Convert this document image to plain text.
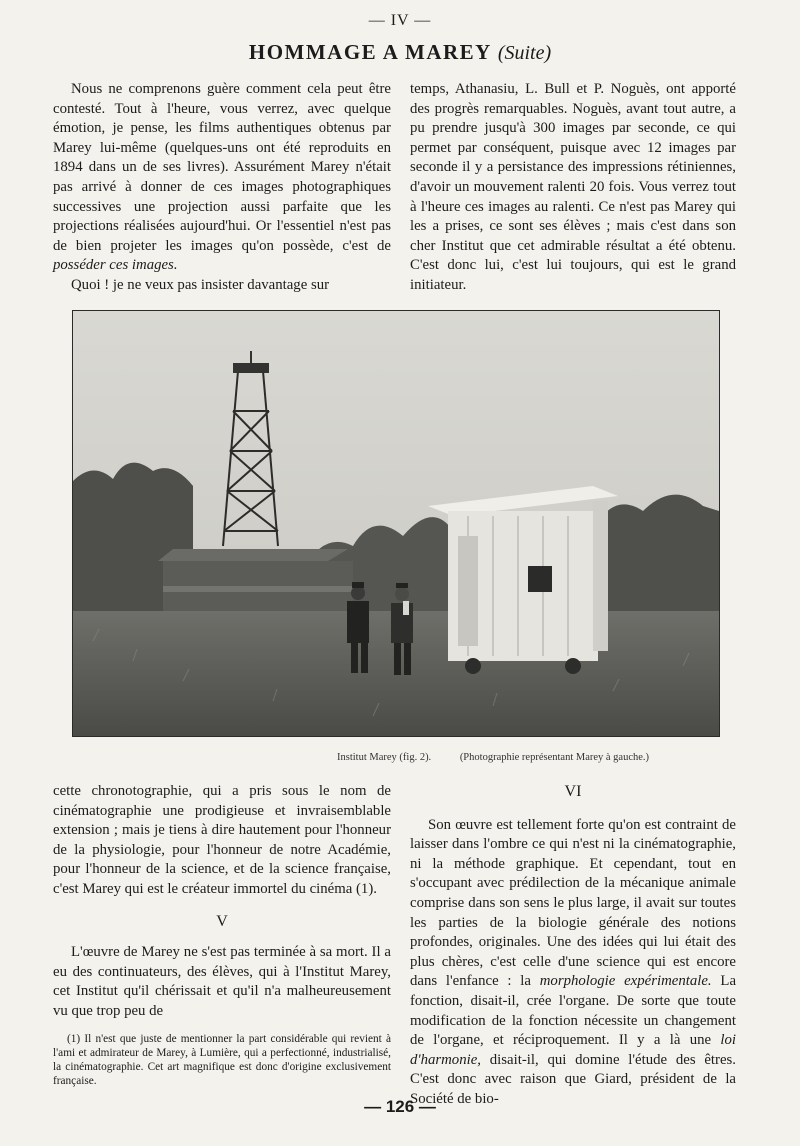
— IV —
HOMMAGE A MAREY (Suite)

Nous ne comprenons guère comment cela peut être contesté. Tout à l'heure, vous verrez, avec quelque émotion, je pense, les films authentiques obtenus par Marey lui-même (quelques-uns ont été reproduits en 1894 dans un de ses livres). Assurément Marey n'était pas arrivé à donner de ces images photographiques successives une projection aussi parfaite que les projections réalisées aujourd'hui. Or l'essentiel n'est pas de bien projeter les images qu'on possède, c'est de posséder ces images.

Quoi ! je ne veux pas insister davantage sur

temps, Athanasiu, L. Bull et P. Noguès, ont apporté des progrès remarquables. Noguès, avant tout autre, a pu prendre jusqu'à 300 images par seconde, ce qui permet par conséquent, puisque avec 12 images par seconde il y a persistance des impressions rétiniennes, d'avoir un mouvement ralenti 20 fois. Vous verrez tout à l'heure ces images au ralenti. Ce n'est pas Marey qui les a prises, ce sont ses élèves ; mais c'est dans son cher Institut que cet admirable résultat a été obtenu. C'est donc lui, c'est lui toujours, qui est le grand initiateur.

Institut Marey (fig. 2).	(Photographie représentant Marey à gauche.)

cette chronotographie, qui a pris sous le nom de cinématographie une prodigieuse et invraisemblable extension ; mais je tiens à dire hautement pour l'honneur de la physiologie, pour l'honneur de notre Académie, pour l'honneur de la science, et de la science française, c'est Marey qui est le créateur immortel du cinéma (1).

V

L'œuvre de Marey ne s'est pas terminée à sa mort. Il a eu des continuateurs, des élèves, qui à l'Institut Marey, cet Institut qu'il chérissait et qu'il n'a malheureusement vu que trop peu de

(1) Il n'est que juste de mentionner la part considérable qui revient à l'ami et admirateur de Marey, à Lumière, qui a perfectionné, industrialisé, la cinématographie. Cet art magnifique est donc d'origine exclusivement française.

VI

Son œuvre est tellement forte qu'on est contraint de laisser dans l'ombre ce qui n'est ni la cinématographie, ni la méthode graphique. Et cependant, tout en s'occupant avec prédilection de la mécanique animale comprise dans son sens le plus large, il avait sur toutes les parties de la biologie générale des notions profondes, originales. Une des idées qui lui était des plus chères, c'est celle d'une science qui est encore dans l'enfance : la morphologie expérimentale. La fonction, disait-il, crée l'organe. De sorte que toute modification de la fonction nécessite un changement de l'organe, et réciproquement. Il y a là une loi d'harmonie, disait-il, qui domine l'étude des êtres. C'est donc avec raison que Giard, président de la Société de bio-

— 126 —
